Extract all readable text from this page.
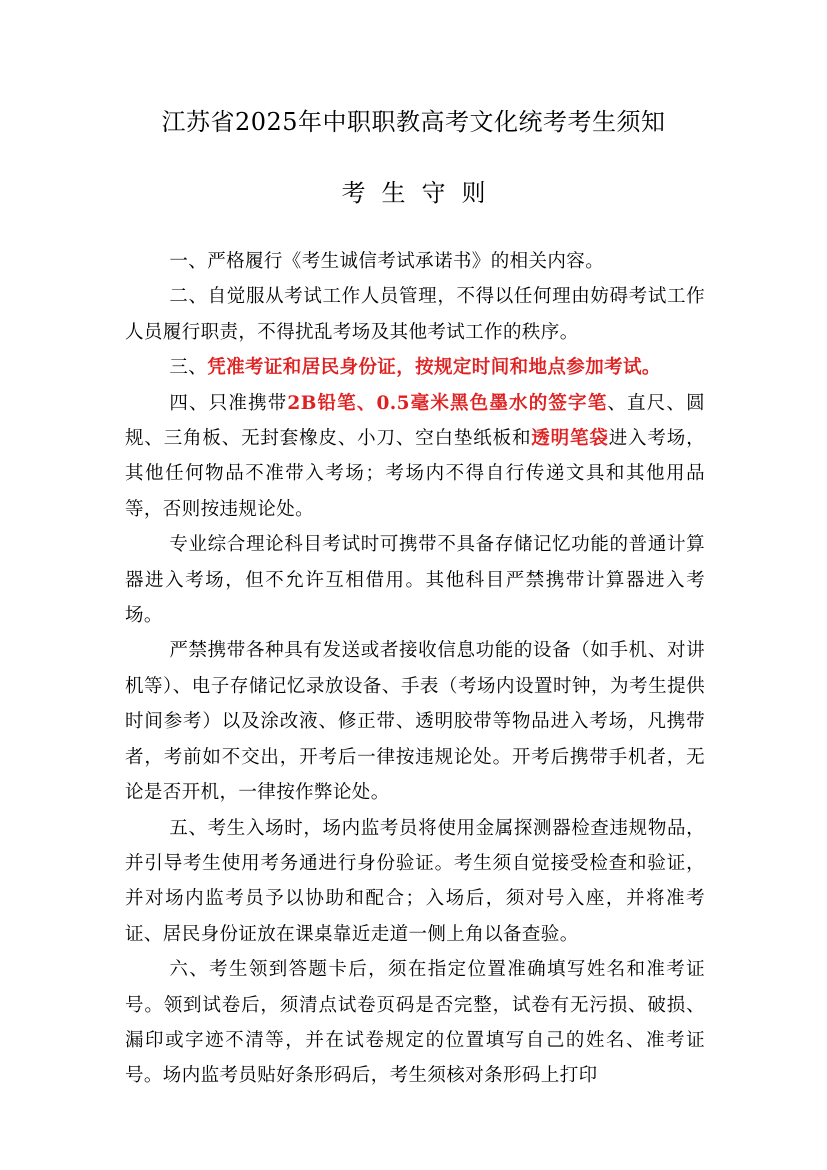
江苏省2025年中职职教高考文化统考考生须知
考生守则

一、严格履行《考生诚信考试承诺书》的相关内容。

二、自觉服从考试工作人员管理，不得以任何理由妨碍考试工作人员履行职责，不得扰乱考场及其他考试工作的秩序。

三、凭准考证和居民身份证，按规定时间和地点参加考试。

四、只准携带2B铅笔、0.5毫米黑色墨水的签字笔、直尺、圆规、三角板、无封套橡皮、小刀、空白垫纸板和透明笔袋进入考场，其他任何物品不准带入考场；考场内不得自行传递文具和其他用品等，否则按违规论处。

专业综合理论科目考试时可携带不具备存储记忆功能的普通计算器进入考场，但不允许互相借用。其他科目严禁携带计算器进入考场。

严禁携带各种具有发送或者接收信息功能的设备（如手机、对讲机等）、电子存储记忆录放设备、手表（考场内设置时钟，为考生提供时间参考）以及涂改液、修正带、透明胶带等物品进入考场，凡携带者，考前如不交出，开考后一律按违规论处。开考后携带手机者，无论是否开机，一律按作弊论处。

五、考生入场时，场内监考员将使用金属探测器检查违规物品，并引导考生使用考务通进行身份验证。考生须自觉接受检查和验证，并对场内监考员予以协助和配合；入场后，须对号入座，并将准考证、居民身份证放在课桌靠近走道一侧上角以备查验。

六、考生领到答题卡后，须在指定位置准确填写姓名和准考证号。领到试卷后，须清点试卷页码是否完整，试卷有无污损、破损、漏印或字迹不清等，并在试卷规定的位置填写自己的姓名、准考证号。场内监考员贴好条形码后，考生须核对条形码上打印
